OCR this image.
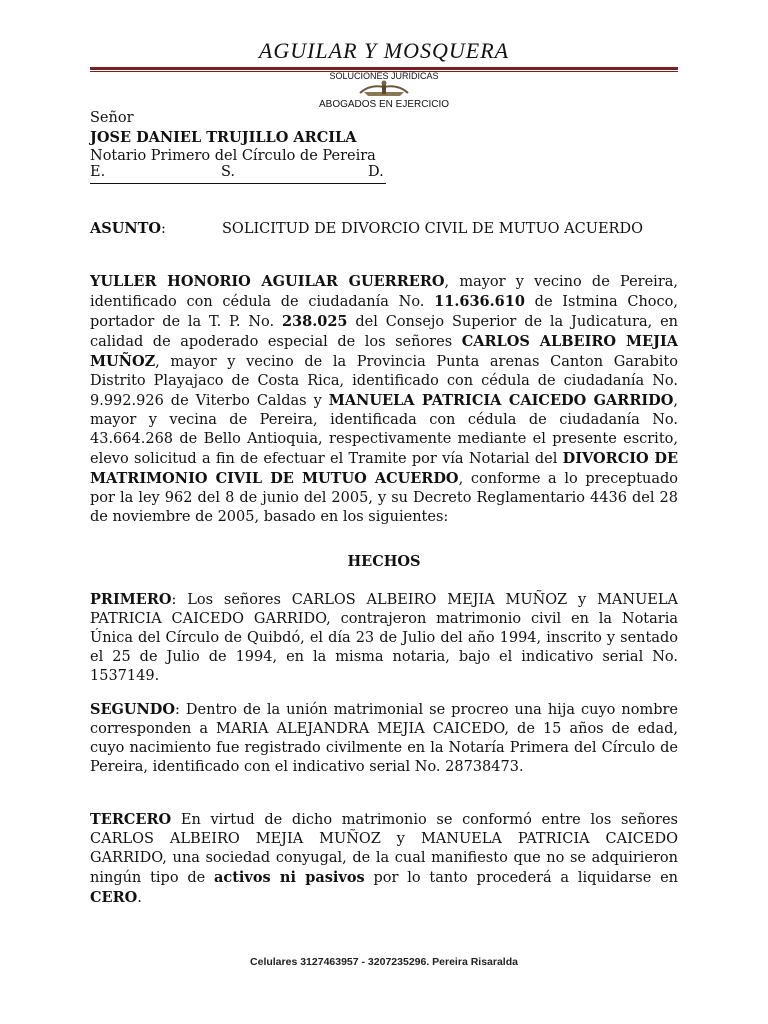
AGUILAR Y MOSQUERA
SOLUCIONES JURÍDICAS
ABOGADOS EN EJERCICIO
Señor
JOSE DANIEL TRUJILLO ARCILA
Notario Primero del Círculo de Pereira
E.	S.	D.
ASUNTO:	SOLICITUD DE DIVORCIO CIVIL DE MUTUO ACUERDO
YULLER HONORIO AGUILAR GUERRERO, mayor y vecino de Pereira, identificado con cédula de ciudadanía No. 11.636.610 de Istmina Choco, portador de la T. P. No. 238.025 del Consejo Superior de la Judicatura, en calidad de apoderado especial de los señores CARLOS ALBEIRO MEJIA MUÑOZ, mayor y vecino de la Provincia Punta arenas Canton Garabito Distrito Playajaco de Costa Rica, identificado con cédula de ciudadanía No. 9.992.926 de Viterbo Caldas y MANUELA PATRICIA CAICEDO GARRIDO, mayor y vecina de Pereira, identificada con cédula de ciudadanía No. 43.664.268 de Bello Antioquia, respectivamente mediante el presente escrito, elevo solicitud a fin de efectuar el Tramite por vía Notarial del DIVORCIO DE MATRIMONIO CIVIL DE MUTUO ACUERDO, conforme a lo preceptuado por la ley 962 del 8 de junio del 2005, y su Decreto Reglamentario 4436 del 28 de noviembre de 2005, basado en los siguientes:
HECHOS
PRIMERO: Los señores CARLOS ALBEIRO MEJIA MUÑOZ y MANUELA PATRICIA CAICEDO GARRIDO, contrajeron matrimonio civil en la Notaria Única del Círculo de Quibdó, el día 23 de Julio del año 1994, inscrito y sentado el 25 de Julio de 1994, en la misma notaria, bajo el indicativo serial No. 1537149.
SEGUNDO: Dentro de la unión matrimonial se procreo una hija cuyo nombre corresponden a MARIA ALEJANDRA MEJIA CAICEDO, de 15 años de edad, cuyo nacimiento fue registrado civilmente en la Notaría Primera del Círculo de Pereira, identificado con el indicativo serial No. 28738473.
TERCERO En virtud de dicho matrimonio se conformó entre los señores CARLOS ALBEIRO MEJIA MUÑOZ y MANUELA PATRICIA CAICEDO GARRIDO, una sociedad conyugal, de la cual manifiesto que no se adquirieron ningún tipo de activos ni pasivos por lo tanto procederá a liquidarse en CERO.
Celulares 3127463957 - 3207235296. Pereira Risaralda
